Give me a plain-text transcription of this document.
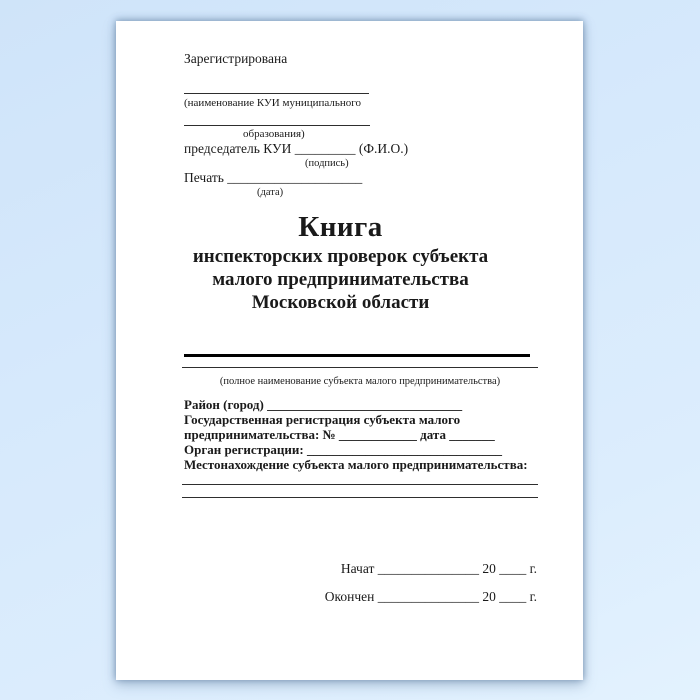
Зарегистрирована
(наименование КУИ муниципального
образования)
председатель КУИ _________ (Ф.И.О.)
(подпись)
Печать ____________________
(дата)
Книга
инспекторских проверок субъекта
малого предпринимательства
Московской области
(полное наименование субъекта малого предпринимательства)
Район (город) ______________________________
Государственная регистрация субъекта малого
предпринимательства: № ____________ дата _______
Орган регистрации: ______________________________
Местонахождение субъекта малого предпринимательства:
Начат _______________ 20 ____ г.
Окончен _______________ 20 ____ г.
